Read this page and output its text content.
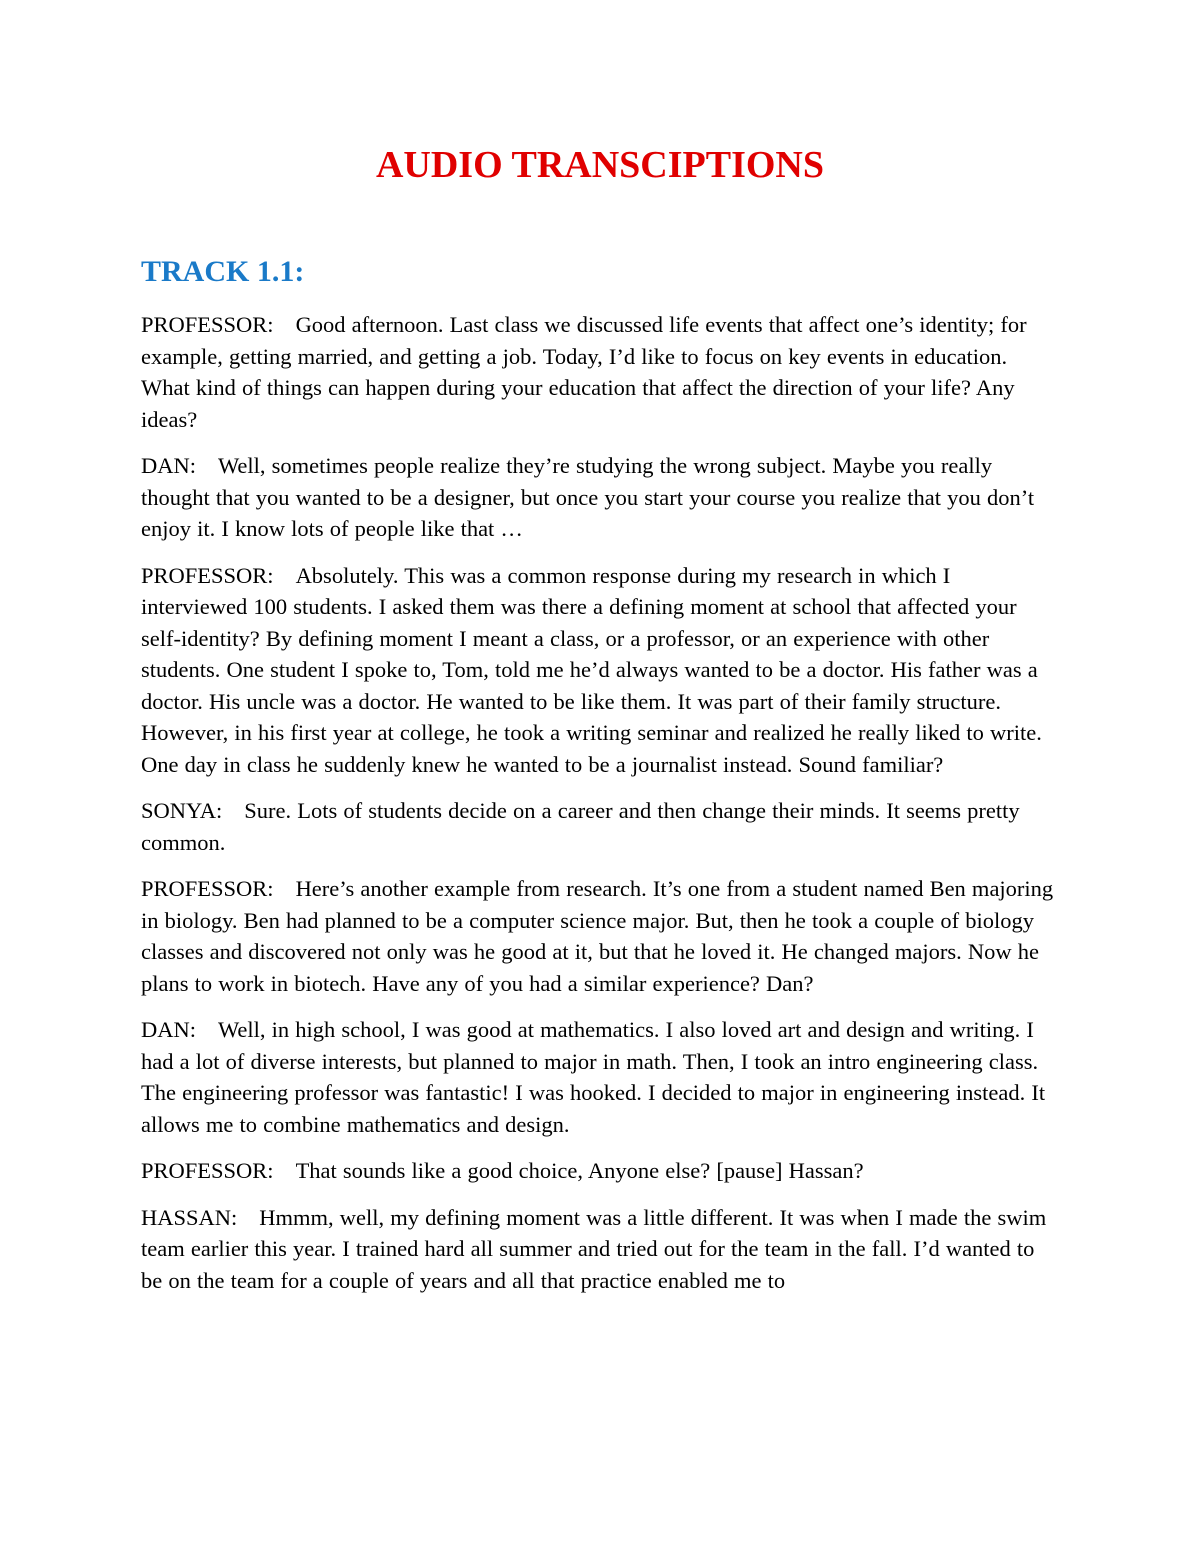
AUDIO TRANSCIPTIONS
TRACK 1.1:

PROFESSOR: Good afternoon. Last class we discussed life events that affect one’s identity; for example, getting married, and getting a job. Today, I’d like to focus on key events in education. What kind of things can happen during your education that affect the direction of your life? Any ideas?

DAN: Well, sometimes people realize they’re studying the wrong subject. Maybe you really thought that you wanted to be a designer, but once you start your course you realize that you don’t enjoy it. I know lots of people like that …

PROFESSOR: Absolutely. This was a common response during my research in which I interviewed 100 students. I asked them was there a defining moment at school that affected your self-identity? By defining moment I meant a class, or a professor, or an experience with other students. One student I spoke to, Tom, told me he’d always wanted to be a doctor. His father was a doctor. His uncle was a doctor. He wanted to be like them. It was part of their family structure. However, in his first year at college, he took a writing seminar and realized he really liked to write. One day in class he suddenly knew he wanted to be a journalist instead. Sound familiar?

SONYA: Sure. Lots of students decide on a career and then change their minds. It seems pretty common.

PROFESSOR: Here’s another example from research. It’s one from a student named Ben majoring in biology. Ben had planned to be a computer science major. But, then he took a couple of biology classes and discovered not only was he good at it, but that he loved it. He changed majors. Now he plans to work in biotech. Have any of you had a similar experience? Dan?

DAN: Well, in high school, I was good at mathematics. I also loved art and design and writing. I had a lot of diverse interests, but planned to major in math. Then, I took an intro engineering class. The engineering professor was fantastic! I was hooked. I decided to major in engineering instead. It allows me to combine mathematics and design.

PROFESSOR: That sounds like a good choice, Anyone else? [pause] Hassan?

HASSAN: Hmmm, well, my defining moment was a little different. It was when I made the swim team earlier this year. I trained hard all summer and tried out for the team in the fall. I’d wanted to be on the team for a couple of years and all that practice enabled me to
